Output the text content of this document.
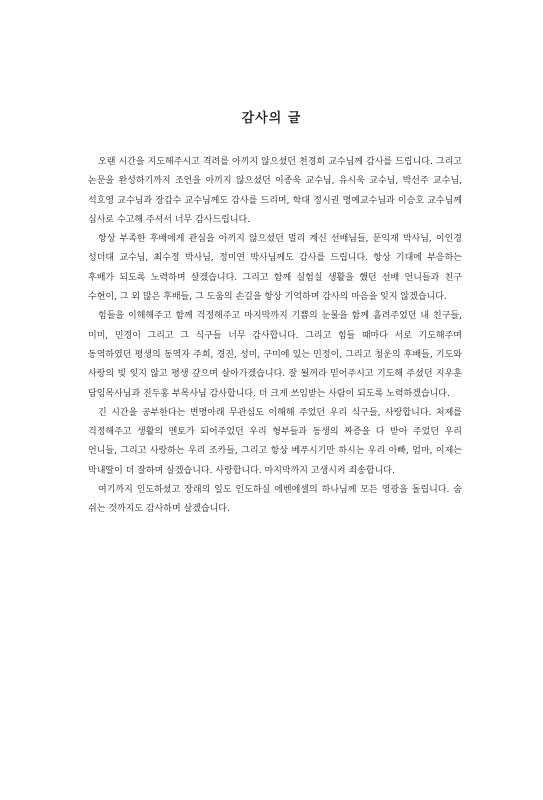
감사의 글

오랜 시간을 지도해주시고 격려를 아끼지 않으셨던 천경희 교수님께 감사를 드립니다. 그리고 논문을 완성하기까지 조언을 아끼지 않으셨던 이종욱 교수님, 유시욱 교수님, 박선주 교수님, 석호영 교수님과 장갑수 교수님께도 감사를 드리며, 학대 정시권 명예교수님과 이승호 교수님께 심사로 수고해 주셔서 너무 감사드립니다.

항상 부족한 후배에게 관심을 아끼지 않으셨던 멀리 계신 선배님들, 문익재 박사님, 이인경 성더대 교수님, 최수정 박사님, 정미연 박사님께도 감사를 드립니다. 항상 기대에 부응하는 후배가 되도록 노력하며 살겠습니다. 그리고 함께 실험실 생활을 했던 선배 언니들과 친구 수현이, 그 외 많은 후배들, 그 도움의 손길을 항상 기억하며 감사의 마음을 잊지 않겠습니다.

힘들을 이해해주고 함께 걱정해주고 마지막까지 기쁨의 눈물을 함께 흘려주었던 내 친구들, 미미, 민경이 그리고 그 식구들 너무 감사합니다. 그리고 힘들 때마다 서로 기도해주며 동역하였던 평생의 동역자 주희, 경진, 성미, 구미에 있는 민정이, 그리고 청운의 후배들, 기도와 사랑의 빚 잊지 않고 평생 갚으며 살아가겠습니다. 잘 될꺼라 믿어주시고 기도해 주셨던 지우훈 담임목사님과 진두홍 부목사님 감사합니다. 더 크게 쓰임받는 사람이 되도록 노력하겠습니다.

긴 시간을 공부한다는 변명아래 무관심도 이해해 주었던 우리 식구들, 사랑합니다. 처제를 걱정해주고 생활의 멘토가 되어주었던 우리 형부들과 동생의 짜증을 다 받아 주었던 우리 언니들, 그리고 사랑하는 우리 조카들, 그리고 항상 베푸시기만 하시는 우리 아빠, 엄마, 이제는 막내딸이 더 잘하며 살겠습니다. 사랑합니다. 마지막까지 고생시켜 죄송합니다.

여기까지 인도하셨고 장래의 일도 인도하실 에벤에셀의 하나님께 모든 영광을 돌립니다. 숨 쉬는 것까지도 감사하며 살겠습니다.
